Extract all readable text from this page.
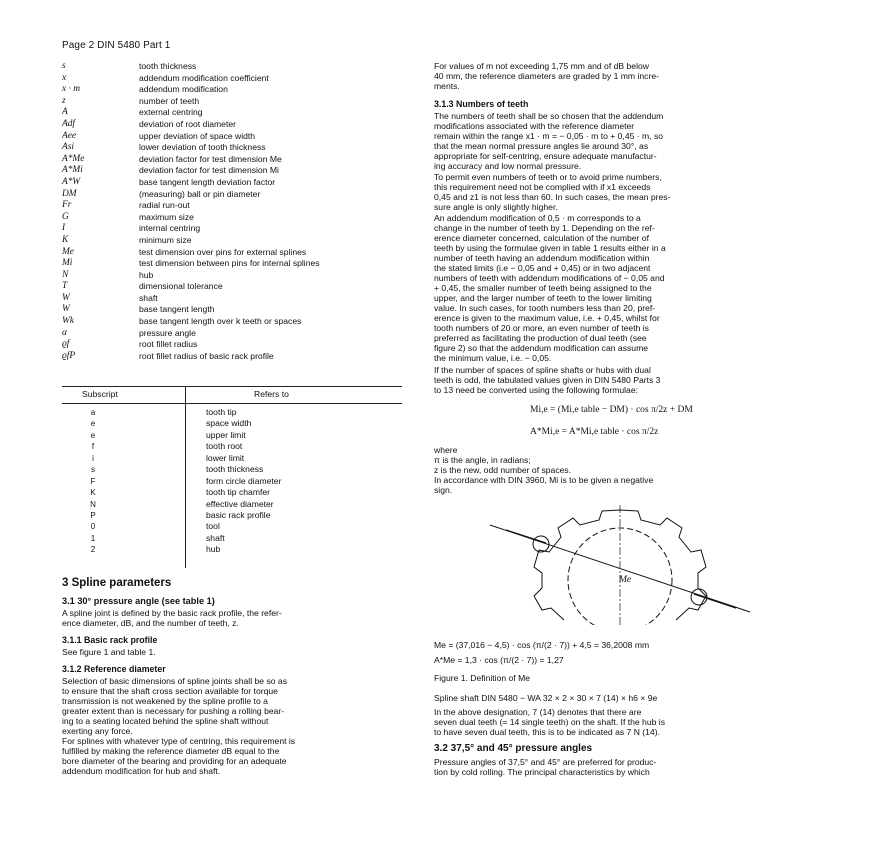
Page 2 DIN 5480 Part 1
s	tooth thickness
x	addendum modification coefficient
x · m	addendum modification
z	number of teeth
A	external centring
Adf	deviation of root diameter
Aee	upper deviation of space width
Asi	lower deviation of tooth thickness
A*Me	deviation factor for test dimension Me
A*Mi	deviation factor for test dimension Mi
A*W	base tangent length deviation factor
DM	(measuring) ball or pin diameter
Fr	radial run-out
G	maximum size
I	internal centring
K	minimum size
Me	test dimension over pins for external splines
Mi	test dimension between pins for internal splines
N	hub
T	dimensional tolerance
W	shaft
W	base tangent length
Wk	base tangent length over k teeth or spaces
α	pressure angle
ϱf	root fillet radius
ϱfP	root fillet radius of basic rack profile
Subscript	Refers to
a	tooth tip
e	space width
e	upper limit
f	tooth root
i	lower limit
s	tooth thickness
F	form circle diameter
K	tooth tip chamfer
N	effective diameter
P	basic rack profile
0	tool
1	shaft
2	hub
3 Spline parameters
3.1 30° pressure angle (see table 1)
A spline joint is defined by the basic rack profile, the refer-
ence diameter, dB, and the number of teeth, z.
3.1.1 Basic rack profile
See figure 1 and table 1.
3.1.2 Reference diameter
Selection of basic dimensions of spline joints shall be so as
to ensure that the shaft cross section available for torque
transmission is not weakened by the spline profile to a
greater extent than is necessary for pushing a rolling bear-
ing to a seating located behind the spline shaft without
exerting any force.
For splines with whatever type of centring, this requirement is
fulfilled by making the reference diameter dB equal to the
bore diameter of the bearing and providing for an adequate
addendum modification for hub and shaft.
For values of m not exceeding 1,75 mm and of dB below
40 mm, the reference diameters are graded by 1 mm incre-
ments.
3.1.3 Numbers of teeth
The numbers of teeth shall be so chosen that the addendum
modifications associated with the reference diameter
remain within the range x1 · m = − 0,05 · m to + 0,45 · m, so
that the mean normal pressure angles lie around 30°, as
appropriate for self-centring, ensure adequate manufactur-
ing accuracy and low normal pressure.
To permit even numbers of teeth or to avoid prime numbers,
this requirement need not be complied with if x1 exceeds
0,45 and z1 is not less than 60. In such cases, the mean pres-
sure angle is only slightly higher.
An addendum modification of 0,5 · m corresponds to a
change in the number of teeth by 1. Depending on the ref-
erence diameter concerned, calculation of the number of
teeth by using the formulae given in table 1 results either in a
number of teeth having an addendum modification within
the stated limits (i.e − 0,05 and + 0,45) or in two adjacent
numbers of teeth with addendum modifications of − 0,05 and
+ 0,45, the smaller number of teeth being assigned to the
upper, and the larger number of teeth to the lower limiting
value. In such cases, for tooth numbers less than 20, pref-
erence is given to the maximum value, i.e. + 0,45, whilst for
tooth numbers of 20 or more, an even number of teeth is
preferred as facilitating the production of dual teeth (see
figure 2) so that the addendum modification can assume
the minimum value, i.e. − 0,05.
If the number of spaces of spline shafts or hubs with dual
teeth is odd, the tabulated values given in DIN 5480 Parts 3
to 13 need be converted using the following formulae:
Mi,e = (Mi,e table − DM) · cos π/2z + DM
A*Mi,e = A*Mi,e table · cos π/2z
where
π is the angle, in radians;
z is the new, odd number of spaces.
In accordance with DIN 3960, Mi is to be given a negative
sign.
Me
Me = (37,016 − 4,5) · cos (π/(2 · 7)) + 4,5 = 36,2008 mm
A*Me = 1,3 · cos (π/(2 · 7)) = 1,27
Figure 1. Definition of Me
Spline shaft DIN 5480 − WA 32 × 2 × 30 × 7 (14) × h6 × 9e
In the above designation, 7 (14) denotes that there are
seven dual teeth (= 14 single teeth) on the shaft. If the hub is
to have seven dual teeth, this is to be indicated as 7 N (14).
3.2 37,5° and 45° pressure angles
Pressure angles of 37,5° and 45° are preferred for produc-
tion by cold rolling. The principal characteristics by which
